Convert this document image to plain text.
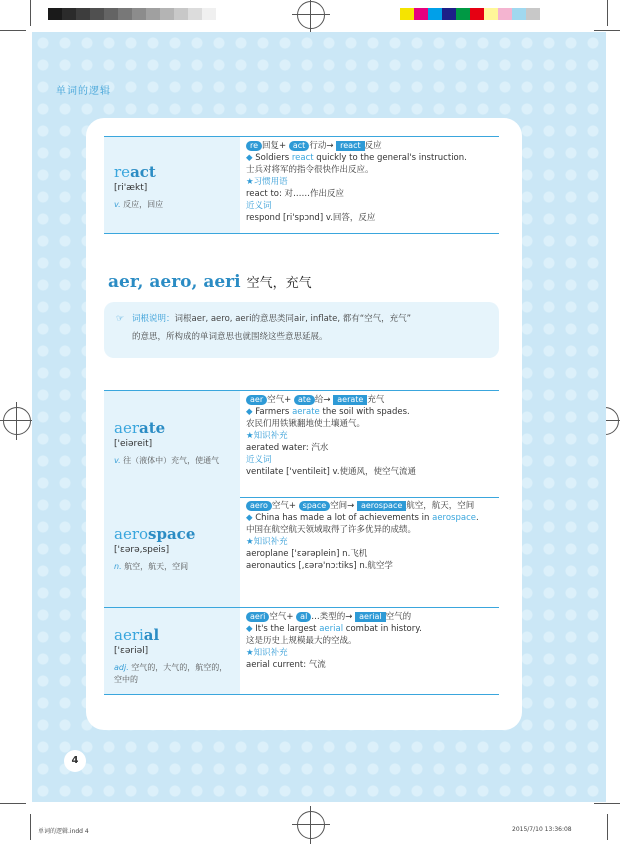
单词的逻辑
react
[ri'ækt]
v. 反应，回应
re 回复+ act 行动→ react 反应
◆ Soldiers react quickly to the general's instruction.
士兵对将军的指令很快作出反应。
★习惯用语
react to: 对……作出反应
近义词
respond [ri'spɔnd] v.回答，反应
aer, aero, aeri 空气，充气
☞ 词根说明：词根aer, aero, aeri的意思类同air, inflate, 都有“空气，充气”
的意思，所构成的单词意思也就围绕这些意思延展。
aerate
['eiəreit]
v. 往（液体中）充气，使通气
aer 空气+ ate 给→ aerate 充气
◆ Farmers aerate the soil with spades.
农民们用铁锹翻地使土壤通气。
★知识补充
aerated water: 汽水
近义词
ventilate ['ventileit] v.使通风，使空气流通
aerospace
['ɛərə,speis]
n. 航空，航天，空间
aero 空气+ space 空间→ aerospace 航空，航天，空间
◆ China has made a lot of achievements in aerospace.
中国在航空航天领域取得了许多优异的成绩。
★知识补充
aeroplane ['ɛərəplein] n.飞机
aeronautics [,ɛərə'nɔ:tiks] n.航空学
aerial
['ɛəriəl]
adj. 空气的，大气的，航空的，空中的
aeri 空气+ al …类型的→ aerial 空气的
◆ It's the largest aerial combat in history.
这是历史上规模最大的空战。
★知识补充
aerial current: 气流
4
单词的逻辑.indd 4	2015/7/10 13:36:08
